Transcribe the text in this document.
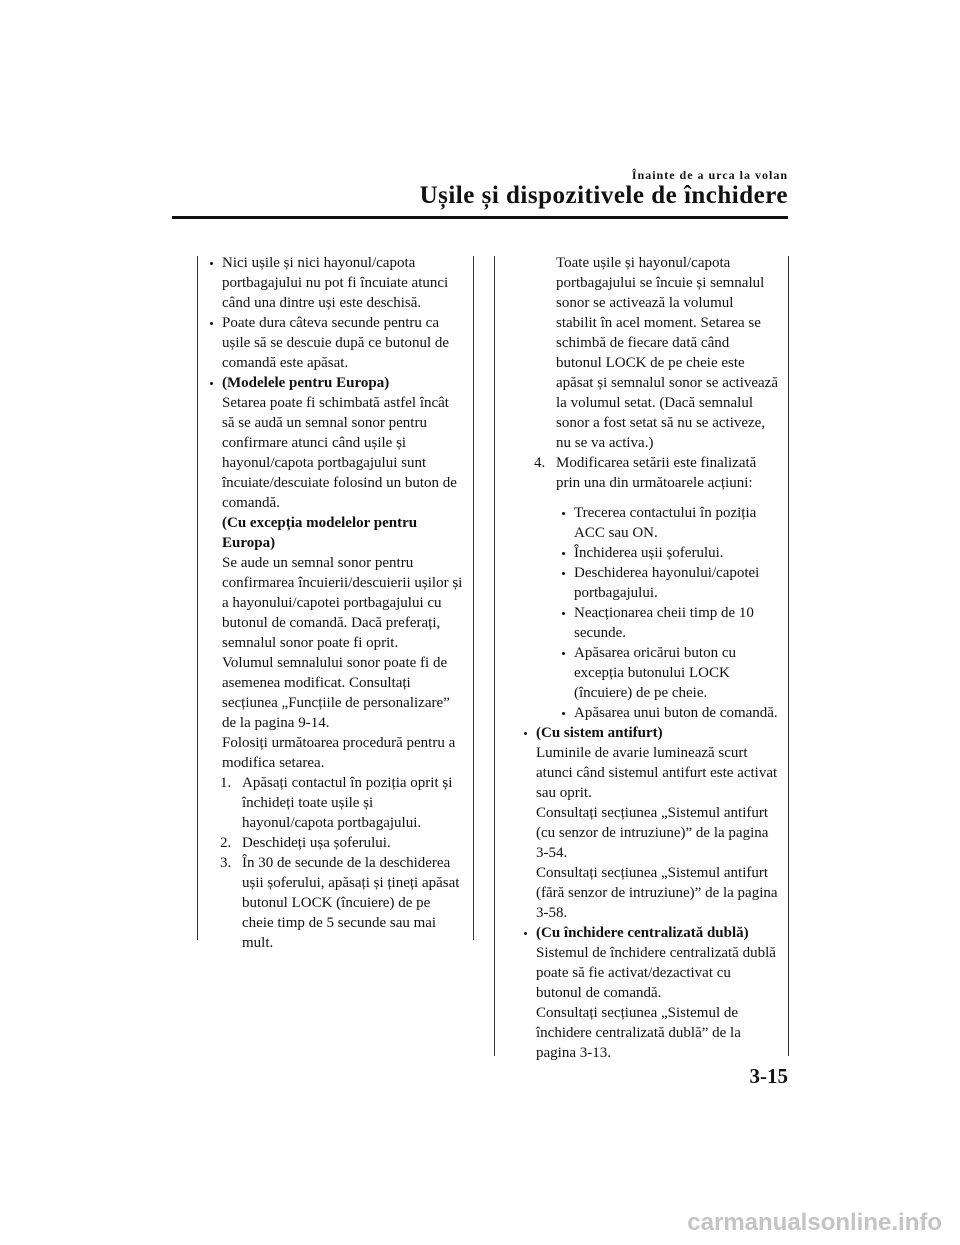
Înainte de a urca la volan

Ușile și dispozitivele de închidere

Nici ușile și nici hayonul/capota portbagajului nu pot fi încuiate atunci când una dintre uși este deschisă.

Poate dura câteva secunde pentru ca ușile să se descuie după ce butonul de comandă este apăsat.

(Modelele pentru Europa)

Setarea poate fi schimbată astfel încât să se audă un semnal sonor pentru confirmare atunci când ușile și hayonul/capota portbagajului sunt încuiate/descuiate folosind un buton de comandă.

(Cu excepția modelelor pentru Europa)

Se aude un semnal sonor pentru confirmarea încuierii/descuierii ușilor și a hayonului/capotei portbagajului cu butonul de comandă. Dacă preferați, semnalul sonor poate fi oprit.

Volumul semnalului sonor poate fi de asemenea modificat. Consultați secțiunea „Funcțiile de personalizare” de la pagina 9-14.

Folosiți următoarea procedură pentru a modifica setarea.

1. Apăsați contactul în poziția oprit și închideți toate ușile și hayonul/capota portbagajului.
2. Deschideți ușa șoferului.
3. În 30 de secunde de la deschiderea ușii șoferului, apăsați și țineți apăsat butonul LOCK (încuiere) de pe cheie timp de 5 secunde sau mai mult.

Toate ușile și hayonul/capota portbagajului se încuie și semnalul sonor se activează la volumul stabilit în acel moment. Setarea se schimbă de fiecare dată când butonul LOCK de pe cheie este apăsat și semnalul sonor se activează la volumul setat. (Dacă semnalul sonor a fost setat să nu se activeze, nu se va activa.)

4. Modificarea setării este finalizată prin una din următoarele acțiuni:

Trecerea contactului în poziția ACC sau ON.

Închiderea ușii șoferului.

Deschiderea hayonului/capotei portbagajului.

Neacționarea cheii timp de 10 secunde.

Apăsarea oricărui buton cu excepția butonului LOCK (încuiere) de pe cheie.

Apăsarea unui buton de comandă.

(Cu sistem antifurt)

Luminile de avarie luminează scurt atunci când sistemul antifurt este activat sau oprit.

Consultați secțiunea „Sistemul antifurt (cu senzor de intruziune)” de la pagina 3-54.

Consultați secțiunea „Sistemul antifurt (fără senzor de intruziune)” de la pagina 3-58.

(Cu închidere centralizată dublă)

Sistemul de închidere centralizată dublă poate să fie activat/dezactivat cu butonul de comandă.

Consultați secțiunea „Sistemul de închidere centralizată dublă” de la pagina 3-13.

3-15

carmanualsonline.info
